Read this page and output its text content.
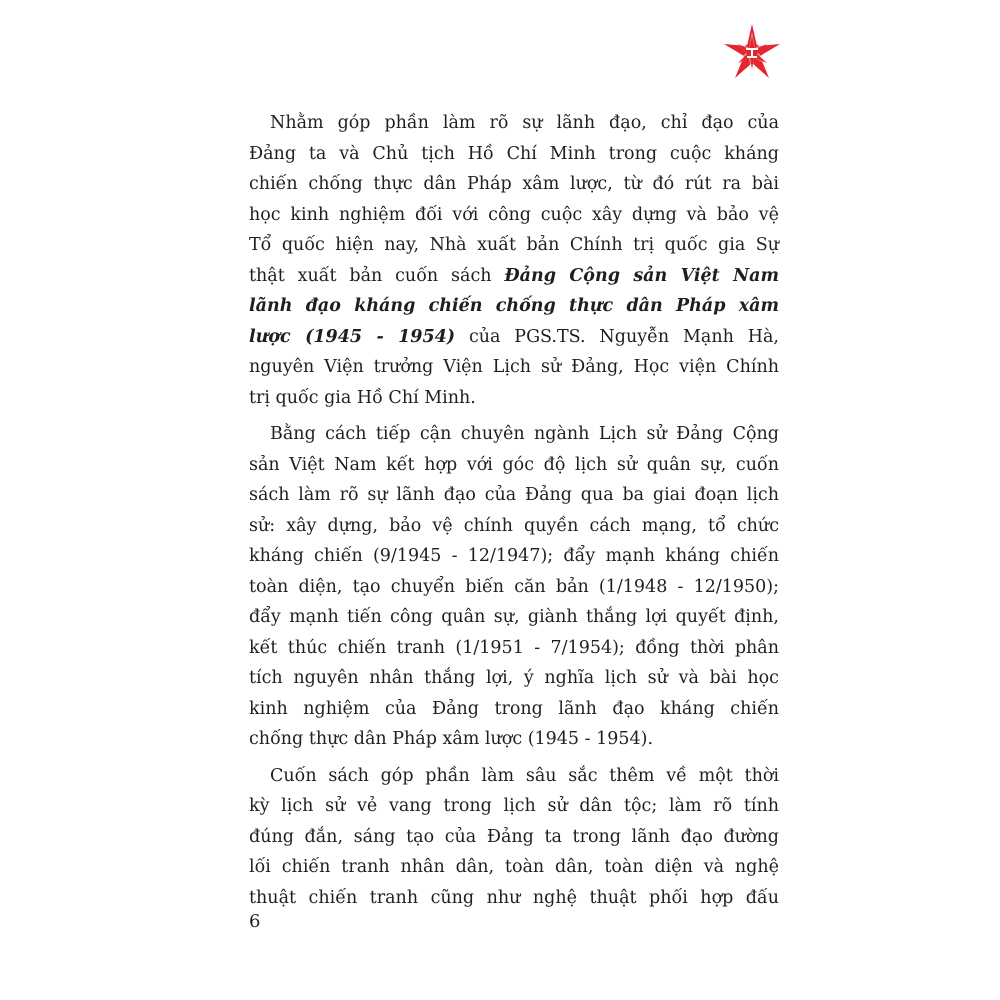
Nhằm góp phần làm rõ sự lãnh đạo, chỉ đạo của
Đảng ta và Chủ tịch Hồ Chí Minh trong cuộc kháng
chiến chống thực dân Pháp xâm lược, từ đó rút ra bài
học kinh nghiệm đối với công cuộc xây dựng và bảo vệ
Tổ quốc hiện nay, Nhà xuất bản Chính trị quốc gia Sự
thật xuất bản cuốn sách Đảng Cộng sản Việt Nam
lãnh đạo kháng chiến chống thực dân Pháp xâm
lược (1945 - 1954) của PGS.TS. Nguyễn Mạnh Hà,
nguyên Viện trưởng Viện Lịch sử Đảng, Học viện Chính
trị quốc gia Hồ Chí Minh.
Bằng cách tiếp cận chuyên ngành Lịch sử Đảng Cộng
sản Việt Nam kết hợp với góc độ lịch sử quân sự, cuốn
sách làm rõ sự lãnh đạo của Đảng qua ba giai đoạn lịch
sử: xây dựng, bảo vệ chính quyền cách mạng, tổ chức
kháng chiến (9/1945 - 12/1947); đẩy mạnh kháng chiến
toàn diện, tạo chuyển biến căn bản (1/1948 - 12/1950);
đẩy mạnh tiến công quân sự, giành thắng lợi quyết định,
kết thúc chiến tranh (1/1951 - 7/1954); đồng thời phân
tích nguyên nhân thắng lợi, ý nghĩa lịch sử và bài học
kinh nghiệm của Đảng trong lãnh đạo kháng chiến
chống thực dân Pháp xâm lược (1945 - 1954).
Cuốn sách góp phần làm sâu sắc thêm về một thời
kỳ lịch sử vẻ vang trong lịch sử dân tộc; làm rõ tính
đúng đắn, sáng tạo của Đảng ta trong lãnh đạo đường
lối chiến tranh nhân dân, toàn dân, toàn diện và nghệ
thuật chiến tranh cũng như nghệ thuật phối hợp đấu
6
